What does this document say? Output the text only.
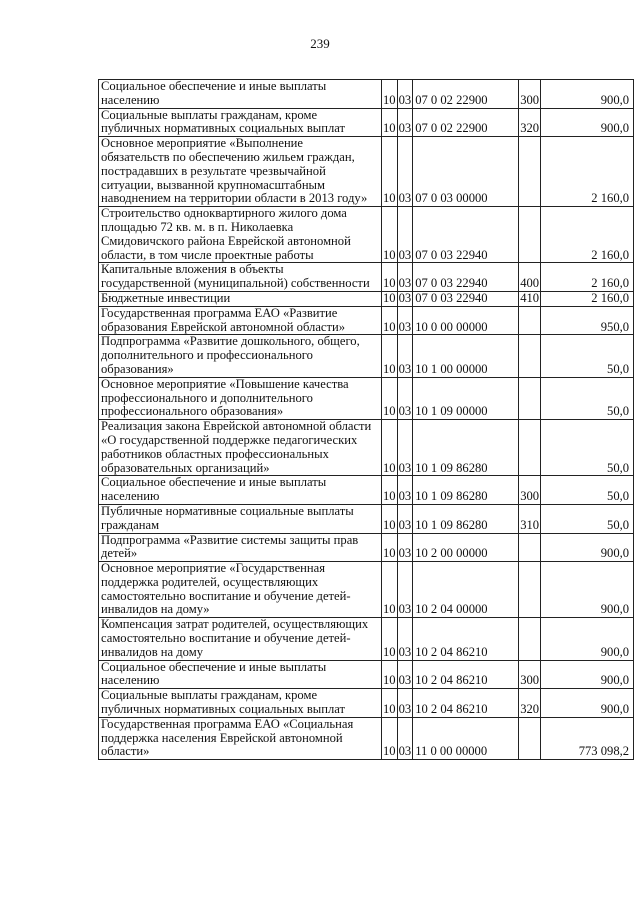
239
Социальное обеспечение и иные выплаты
населению	10	03	07 0 02 22900	300	900,0

Социальные выплаты гражданам, кроме
публичных нормативных социальных выплат	10	03	07 0 02 22900	320	900,0

Основное мероприятие «Выполнение
обязательств по обеспечению жильем граждан,
пострадавших в результате чрезвычайной
ситуации, вызванной крупномасштабным
наводнением на территории области в 2013 году»	10	03	07 0 03 00000		2 160,0

Строительство одноквартирного жилого дома
площадью 72 кв. м. в п. Николаевка
Смидовичского района Еврейской автономной
области, в том числе проектные работы	10	03	07 0 03 22940		2 160,0

Капитальные вложения в объекты
государственной (муниципальной) собственности	10	03	07 0 03 22940	400	2 160,0

Бюджетные инвестиции	10	03	07 0 03 22940	410	2 160,0

Государственная программа ЕАО «Развитие
образования Еврейской автономной области»	10	03	10 0 00 00000		950,0

Подпрограмма «Развитие дошкольного, общего,
дополнительного и профессионального
образования»	10	03	10 1 00 00000		50,0

Основное мероприятие «Повышение качества
профессионального и дополнительного
профессионального образования»	10	03	10 1 09 00000		50,0

Реализация закона Еврейской автономной области
«О государственной поддержке педагогических
работников областных профессиональных
образовательных организаций»	10	03	10 1 09 86280		50,0

Социальное обеспечение и иные выплаты
населению	10	03	10 1 09 86280	300	50,0

Публичные нормативные социальные выплаты
гражданам	10	03	10 1 09 86280	310	50,0

Подпрограмма «Развитие системы защиты прав
детей»	10	03	10 2 00 00000		900,0

Основное мероприятие «Государственная
поддержка родителей, осуществляющих
самостоятельно воспитание и обучение детей-
инвалидов на дому»	10	03	10 2 04 00000		900,0

Компенсация затрат родителей, осуществляющих
самостоятельно воспитание и обучение детей-
инвалидов на дому	10	03	10 2 04 86210		900,0

Социальное обеспечение и иные выплаты
населению	10	03	10 2 04 86210	300	900,0

Социальные выплаты гражданам, кроме
публичных нормативных социальных выплат	10	03	10 2 04 86210	320	900,0

Государственная программа ЕАО «Социальная
поддержка населения Еврейской автономной
области»	10	03	11 0 00 00000		773 098,2
